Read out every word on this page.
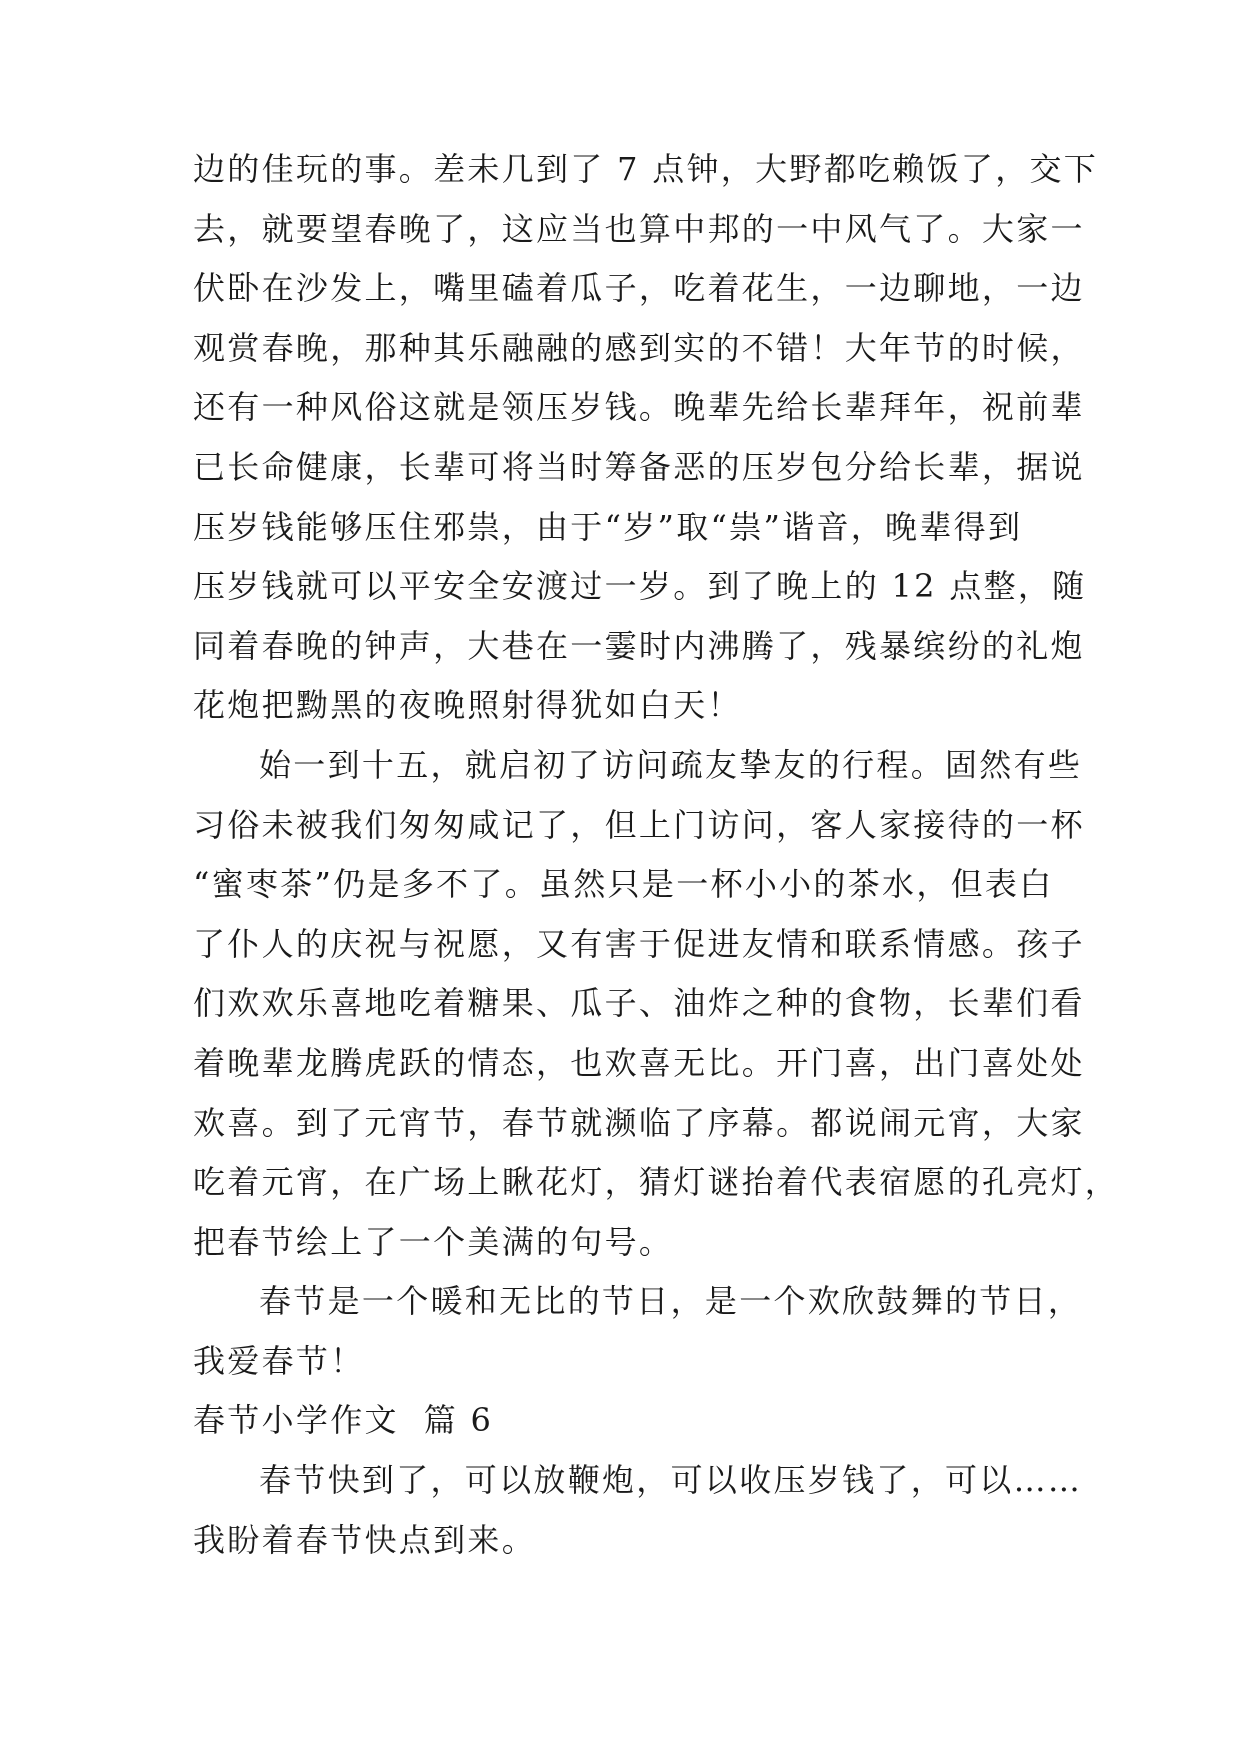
边的佳玩的事。差未几到了 7 点钟，大野都吃赖饭了，交下
去，就要望春晚了，这应当也算中邦的一中风气了。大家一
伏卧在沙发上，嘴里磕着瓜子，吃着花生，一边聊地，一边
观赏春晚，那种其乐融融的感到实的不错！大年节的时候，
还有一种风俗这就是领压岁钱。晚辈先给长辈拜年，祝前辈
已长命健康，长辈可将当时筹备恶的压岁包分给长辈，据说
压岁钱能够压住邪祟，由于“岁”取“祟”谐音，晚辈得到
压岁钱就可以平安全安渡过一岁。到了晚上的 12 点整，随
同着春晚的钟声，大巷在一霎时内沸腾了，残暴缤纷的礼炮
花炮把黝黑的夜晚照射得犹如白天！
始一到十五，就启初了访问疏友挚友的行程。固然有些
习俗未被我们匆匆咸记了，但上门访问，客人家接待的一杯
“蜜枣茶”仍是多不了。虽然只是一杯小小的茶水，但表白
了仆人的庆祝与祝愿，又有害于促进友情和联系情感。孩子
们欢欢乐喜地吃着糖果、瓜子、油炸之种的食物，长辈们看
着晚辈龙腾虎跃的情态，也欢喜无比。开门喜，出门喜处处
欢喜。到了元宵节，春节就濒临了序幕。都说闹元宵，大家
吃着元宵，在广场上瞅花灯，猜灯谜抬着代表宿愿的孔亮灯，
把春节绘上了一个美满的句号。
春节是一个暖和无比的节日，是一个欢欣鼓舞的节日，
我爱春节！
春节小学作文  篇 6
春节快到了，可以放鞭炮，可以收压岁钱了，可以……
我盼着春节快点到来。
